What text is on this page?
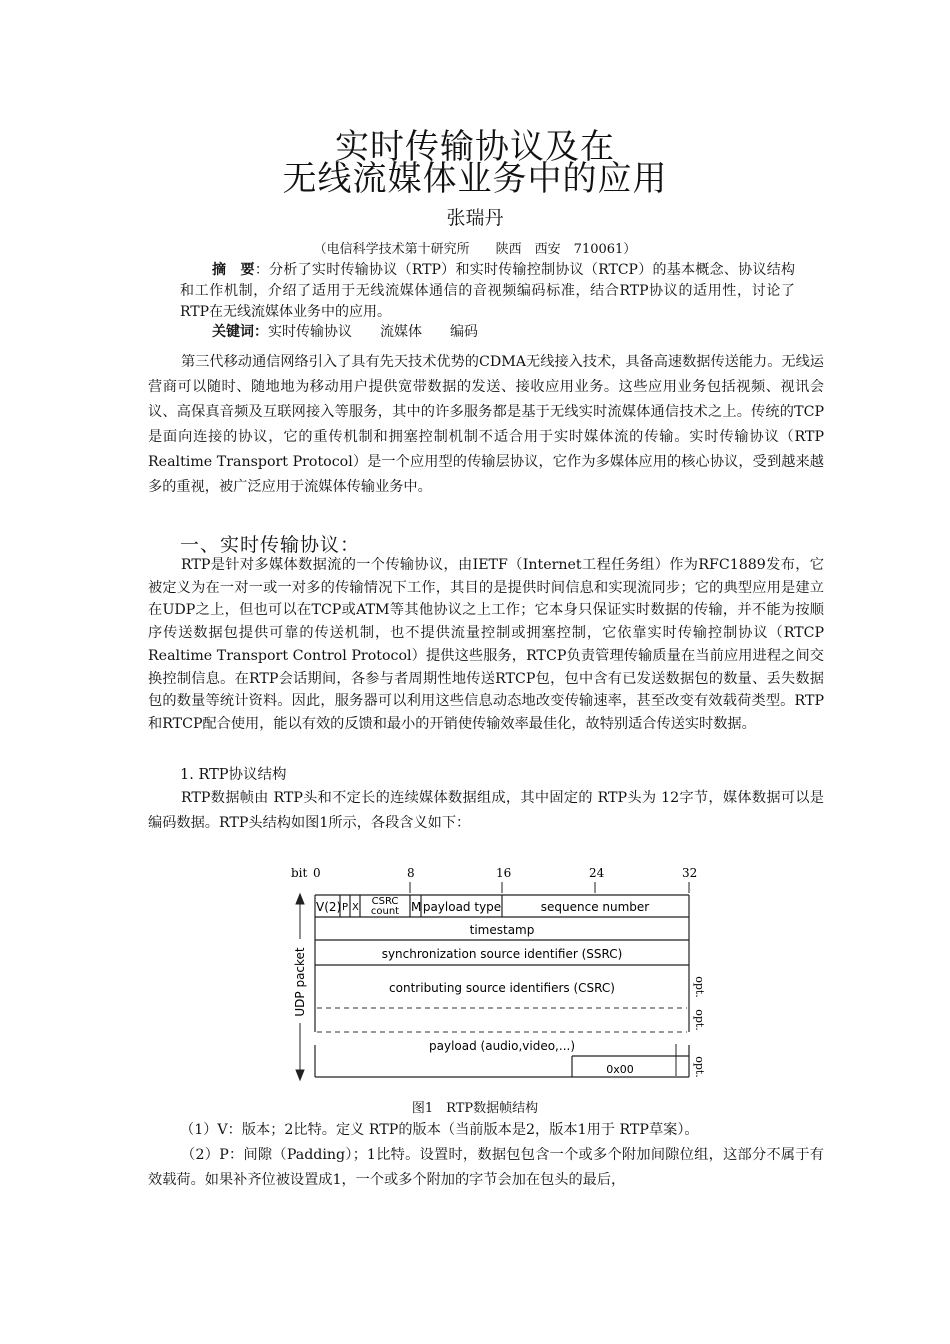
实时传输协议及在
无线流媒体业务中的应用
张瑞丹
（电信科学技术第十研究所　　陕西　西安　710061）
摘　要：分析了实时传输协议（RTP）和实时传输控制协议（RTCP）的基本概念、协议结构和工作机制，介绍了适用于无线流媒体通信的音视频编码标准，结合RTP协议的适用性，讨论了RTP在无线流媒体业务中的应用。
关键词：实时传输协议　　流媒体　　编码
第三代移动通信网络引入了具有先天技术优势的CDMA无线接入技术，具备高速数据传送能力。无线运营商可以随时、随地地为移动用户提供宽带数据的发送、接收应用业务。这些应用业务包括视频、视讯会议、高保真音频及互联网接入等服务，其中的许多服务都是基于无线实时流媒体通信技术之上。传统的TCP是面向连接的协议，它的重传机制和拥塞控制机制不适合用于实时媒体流的传输。实时传输协议（RTP Realtime Transport Protocol）是一个应用型的传输层协议，它作为多媒体应用的核心协议，受到越来越多的重视，被广泛应用于流媒体传输业务中。
一、实时传输协议：
RTP是针对多媒体数据流的一个传输协议，由IETF（Internet工程任务组）作为RFC1889发布，它被定义为在一对一或一对多的传输情况下工作，其目的是提供时间信息和实现流同步；它的典型应用是建立在UDP之上，但也可以在TCP或ATM等其他协议之上工作；它本身只保证实时数据的传输，并不能为按顺序传送数据包提供可靠的传送机制，也不提供流量控制或拥塞控制，它依靠实时传输控制协议（RTCP Realtime Transport Control Protocol）提供这些服务，RTCP负责管理传输质量在当前应用进程之间交换控制信息。在RTP会话期间，各参与者周期性地传送RTCP包，包中含有已发送数据包的数量、丢失数据包的数量等统计资料。因此，服务器可以利用这些信息动态地改变传输速率，甚至改变有效载荷类型。RTP和RTCP配合使用，能以有效的反馈和最小的开销使传输效率最佳化，故特别适合传送实时数据。
1. RTP协议结构
RTP数据帧由 RTP头和不定长的连续媒体数据组成，其中固定的 RTP头为 12字节，媒体数据可以是编码数据。RTP头结构如图1所示，各段含义如下：
bit 0	8	16	24	32
UDP packet
V(2) P X
CSRC
count M payload type	sequence number
timestamp
synchronization source identifier (SSRC)
contributing source identifiers (CSRC)
payload (audio,video,...)
0x00
opt.
opt.
opt.
图1　RTP数据帧结构
（1）V：版本；2比特。定义 RTP的版本（当前版本是2，版本1用于 RTP草案）。
（2）P：间隙（Padding）；1比特。设置时，数据包包含一个或多个附加间隙位组，这部分不属于有效载荷。如果补齐位被设置成1，一个或多个附加的字节会加在包头的最后，
